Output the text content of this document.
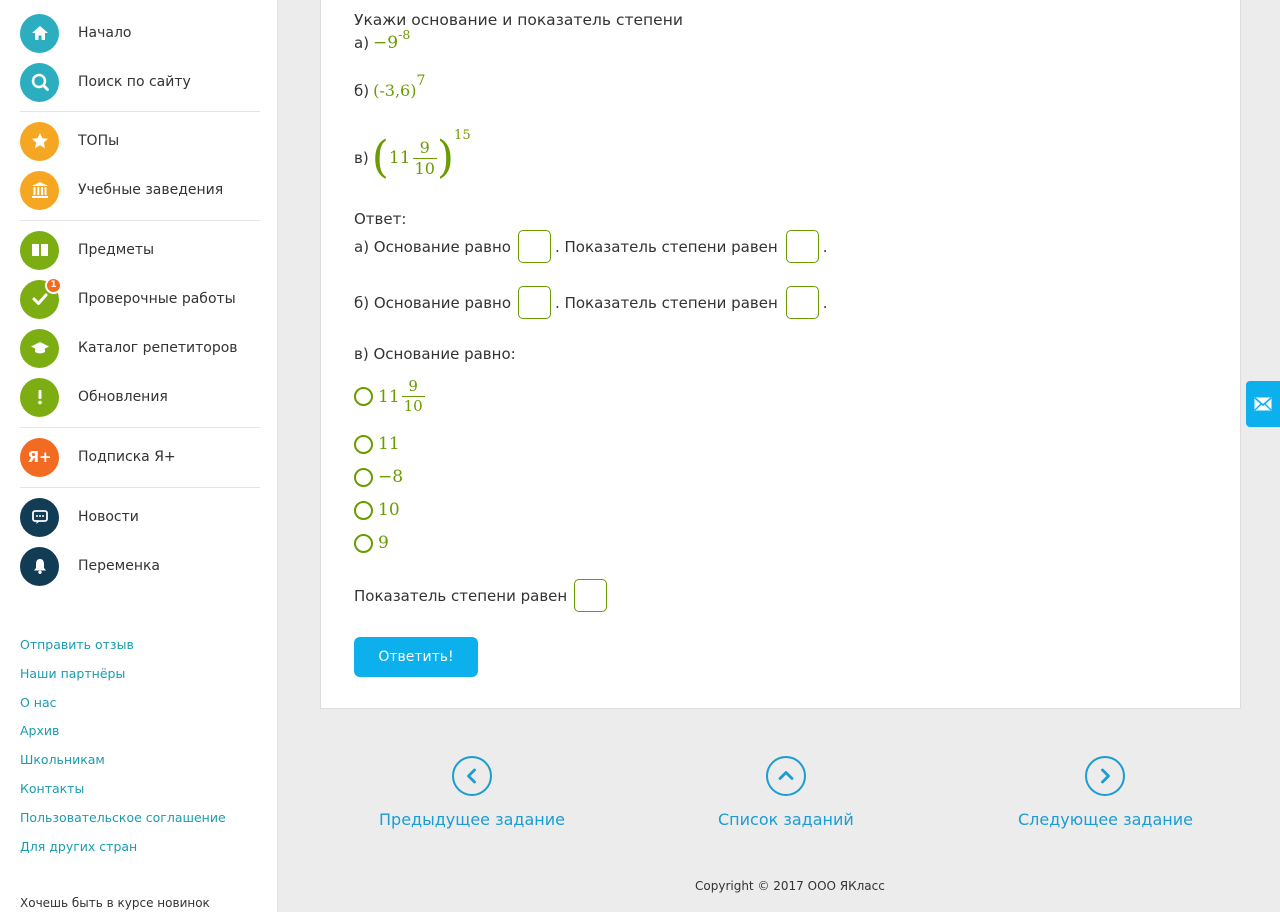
Начало
Поиск по сайту
ТОПы
Учебные заведения
Предметы
1
Проверочные работы
Каталог репетиторов
Обновления
Я+ Подписка Я+
Новости
Переменка
Отправить отзыв
Наши партнёры
О нас
Архив
Школьникам
Контакты
Пользовательское соглашение
Для других стран
Хочешь быть в курсе новинок
Укажи основание и показатель степени
а) −9 -8
б) (-3,6)
7
в) ( $11 \frac{9}{10}$ ) 15
Ответ:
а) Основание равно	. Показатель степени равен	.
б) Основание равно	. Показатель степени равен	.
в) Основание равно:
$11 \frac{9}{10}$
11
−8
10
9
Показатель степени равен
Ответить!
Предыдущее задание	Список заданий	Следующее задание
Copyright © 2017 ООО ЯКласс
